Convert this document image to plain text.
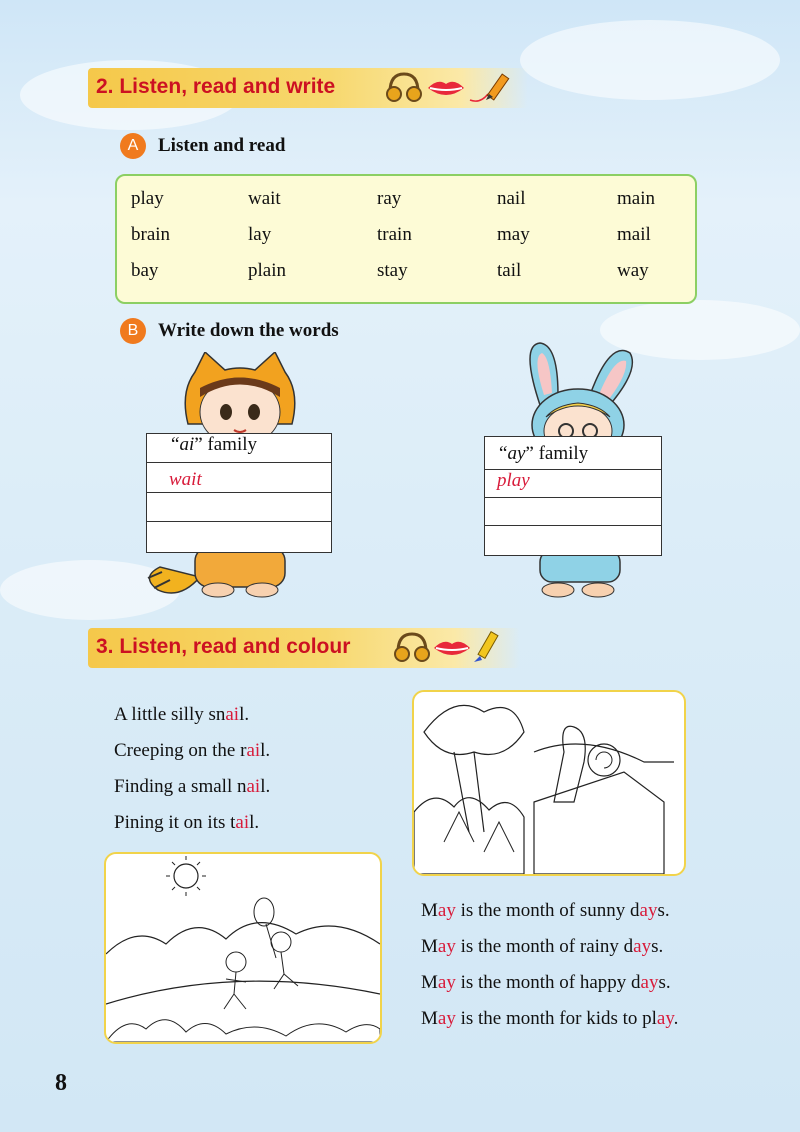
2. Listen, read and write
A	Listen and read
play	wait	ray	nail	main
brain	lay	train	may	mail
bay	plain	stay	tail	way
B	Write down the words
“ai” family
wait
“ay” family
play
3. Listen, read and colour
A little silly snail.
Creeping on the rail.
Finding a small nail.
Pining it on its tail.
May is the month of sunny days.
May is the month of rainy days.
May is the month of happy days.
May is the month for kids to play.
8
